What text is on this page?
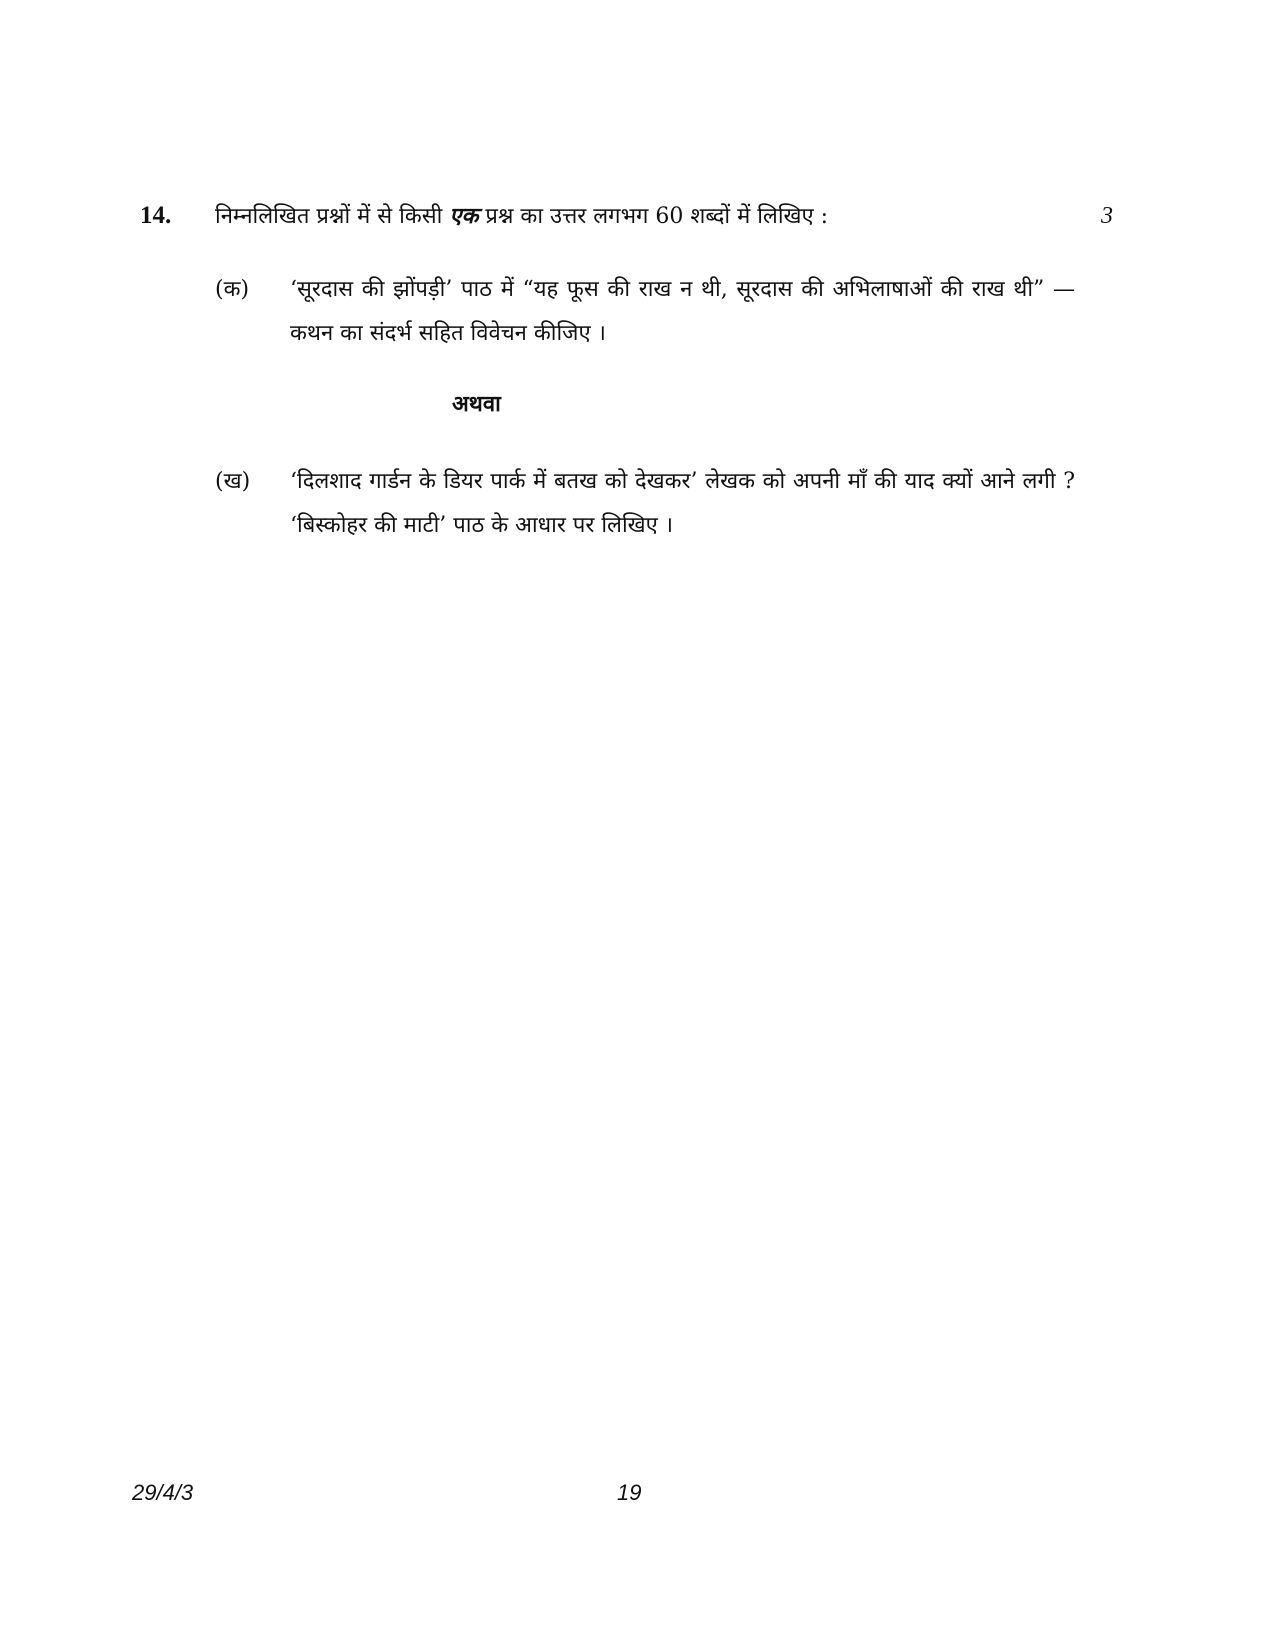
14. निम्नलिखित प्रश्नों में से किसी एक प्रश्न का उत्तर लगभग 60 शब्दों में लिखिए :	3
(क)	‘सूरदास की झोंपड़ी’ पाठ में “यह फूस की राख न थी, सूरदास की अभिलाषाओं की राख थी” — कथन का संदर्भ सहित विवेचन कीजिए ।
अथवा
(ख)	‘दिलशाद गार्डन के डियर पार्क में बतख को देखकर’ लेखक को अपनी माँ की याद क्यों आने लगी ? ‘बिस्कोहर की माटी’ पाठ के आधार पर लिखिए ।
29/4/3	19
